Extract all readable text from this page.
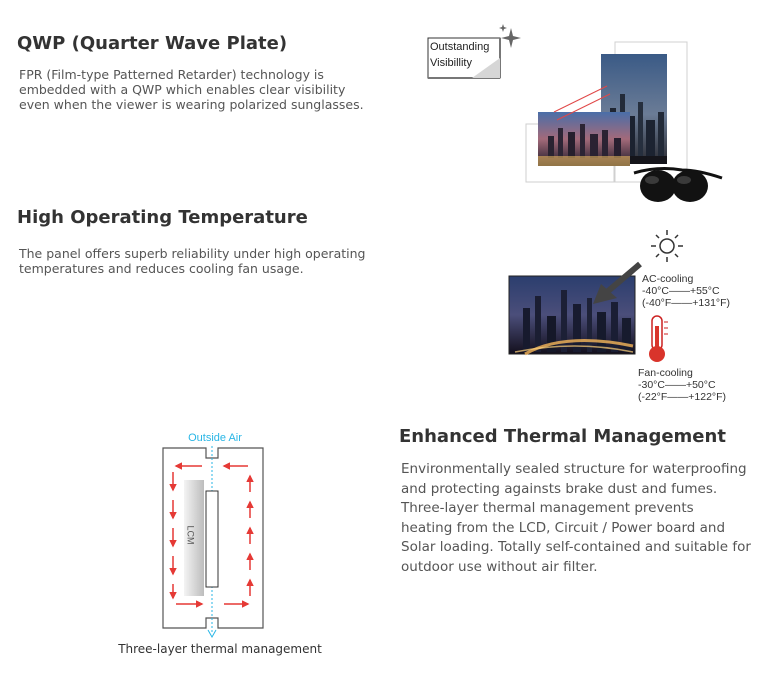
QWP (Quarter Wave Plate)
FPR (Film-type Patterned Retarder) technology is
embedded with a QWP which enables clear visibility
even when the viewer is wearing polarized sunglasses.
Outstanding
Visibillity
High Operating Temperature
The panel offers superb reliability under high operating
temperatures and reduces cooling fan usage.
AC-cooling
-40°C――+55°C
(-40°F――+131°F)
Fan-cooling
-30°C――+50°C
(-22°F――+122°F)
Enhanced Thermal Management
Environmentally sealed structure for waterproofing
and protecting againsts brake dust and fumes.
Three-layer thermal management prevents
heating from the LCD, Circuit / Power board and
Solar loading. Totally self-contained and suitable for
outdoor use without air filter.
Outside Air
LCM
Three-layer thermal management
